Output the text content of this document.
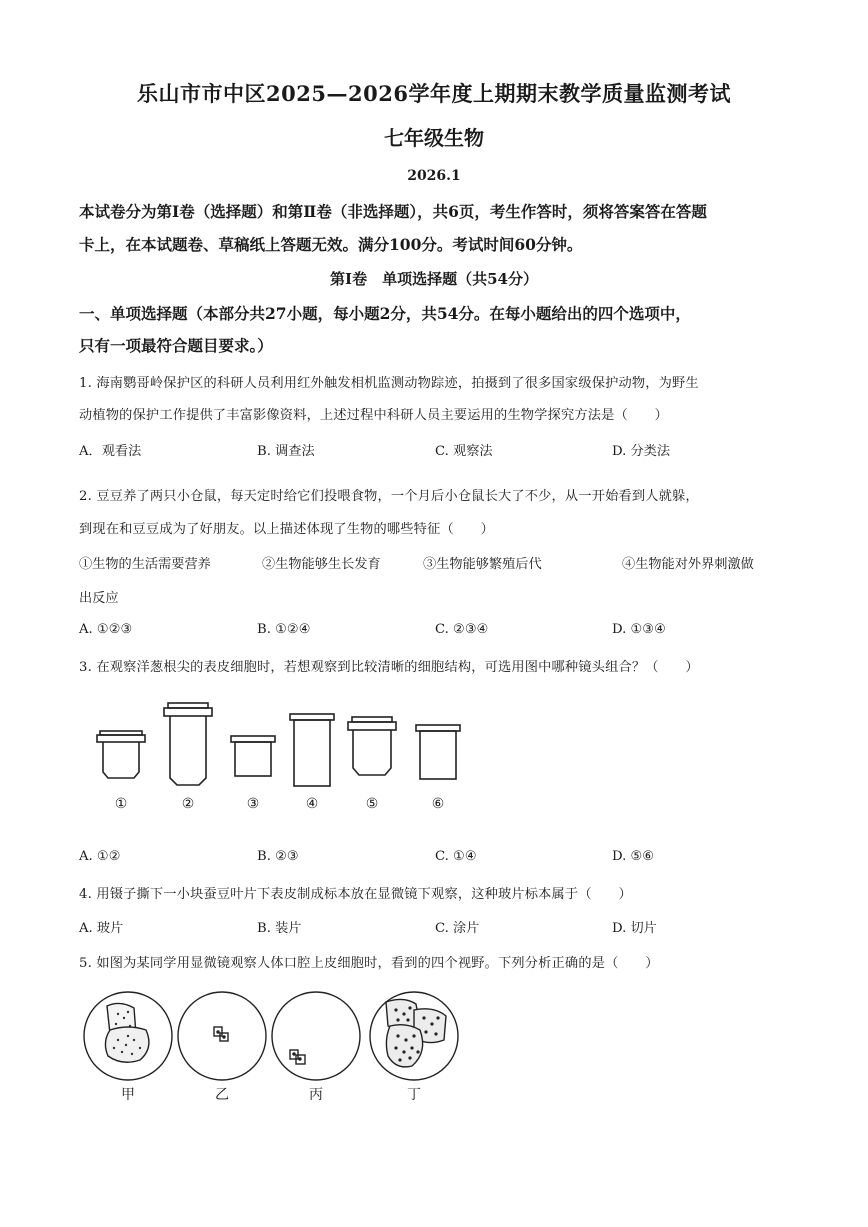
乐山市市中区2025—2026学年度上期期末教学质量监测考试
七年级生物
2026.1
本试卷分为第Ⅰ卷（选择题）和第Ⅱ卷（非选择题），共6页，考生作答时，须将答案答在答题
卡上，在本试题卷、草稿纸上答题无效。满分100分。考试时间60分钟。
第Ⅰ卷　单项选择题（共54分）
一、单项选择题（本部分共27小题，每小题2分，共54分。在每小题给出的四个选项中，
只有一项最符合题目要求。）
1. 海南鹦哥岭保护区的科研人员利用红外触发相机监测动物踪迹，拍摄到了很多国家级保护动物，为野生
动植物的保护工作提供了丰富影像资料，上述过程中科研人员主要运用的生物学探究方法是（　　）
A．观看法	B. 调查法	C. 观察法	D. 分类法
2. 豆豆养了两只小仓鼠，每天定时给它们投喂食物，一个月后小仓鼠长大了不少，从一开始看到人就躲，
到现在和豆豆成为了好朋友。以上描述体现了生物的哪些特征（　　）
①生物的生活需要营养	②生物能够生长发育	③生物能够繁殖后代	④生物能对外界刺激做
出反应
A. ①②③	B. ①②④	C. ②③④	D. ①③④
3. 在观察洋葱根尖的表皮细胞时，若想观察到比较清晰的细胞结构，可选用图中哪种镜头组合？（　　）
①	②	③	④	⑤	⑥
A. ①②	B. ②③	C. ①④	D. ⑤⑥
4. 用镊子撕下一小块蚕豆叶片下表皮制成标本放在显微镜下观察，这种玻片标本属于（　　）
A. 玻片	B. 装片	C. 涂片	D. 切片
5. 如图为某同学用显微镜观察人体口腔上皮细胞时，看到的四个视野。下列分析正确的是（　　）
甲	乙	丙	丁
